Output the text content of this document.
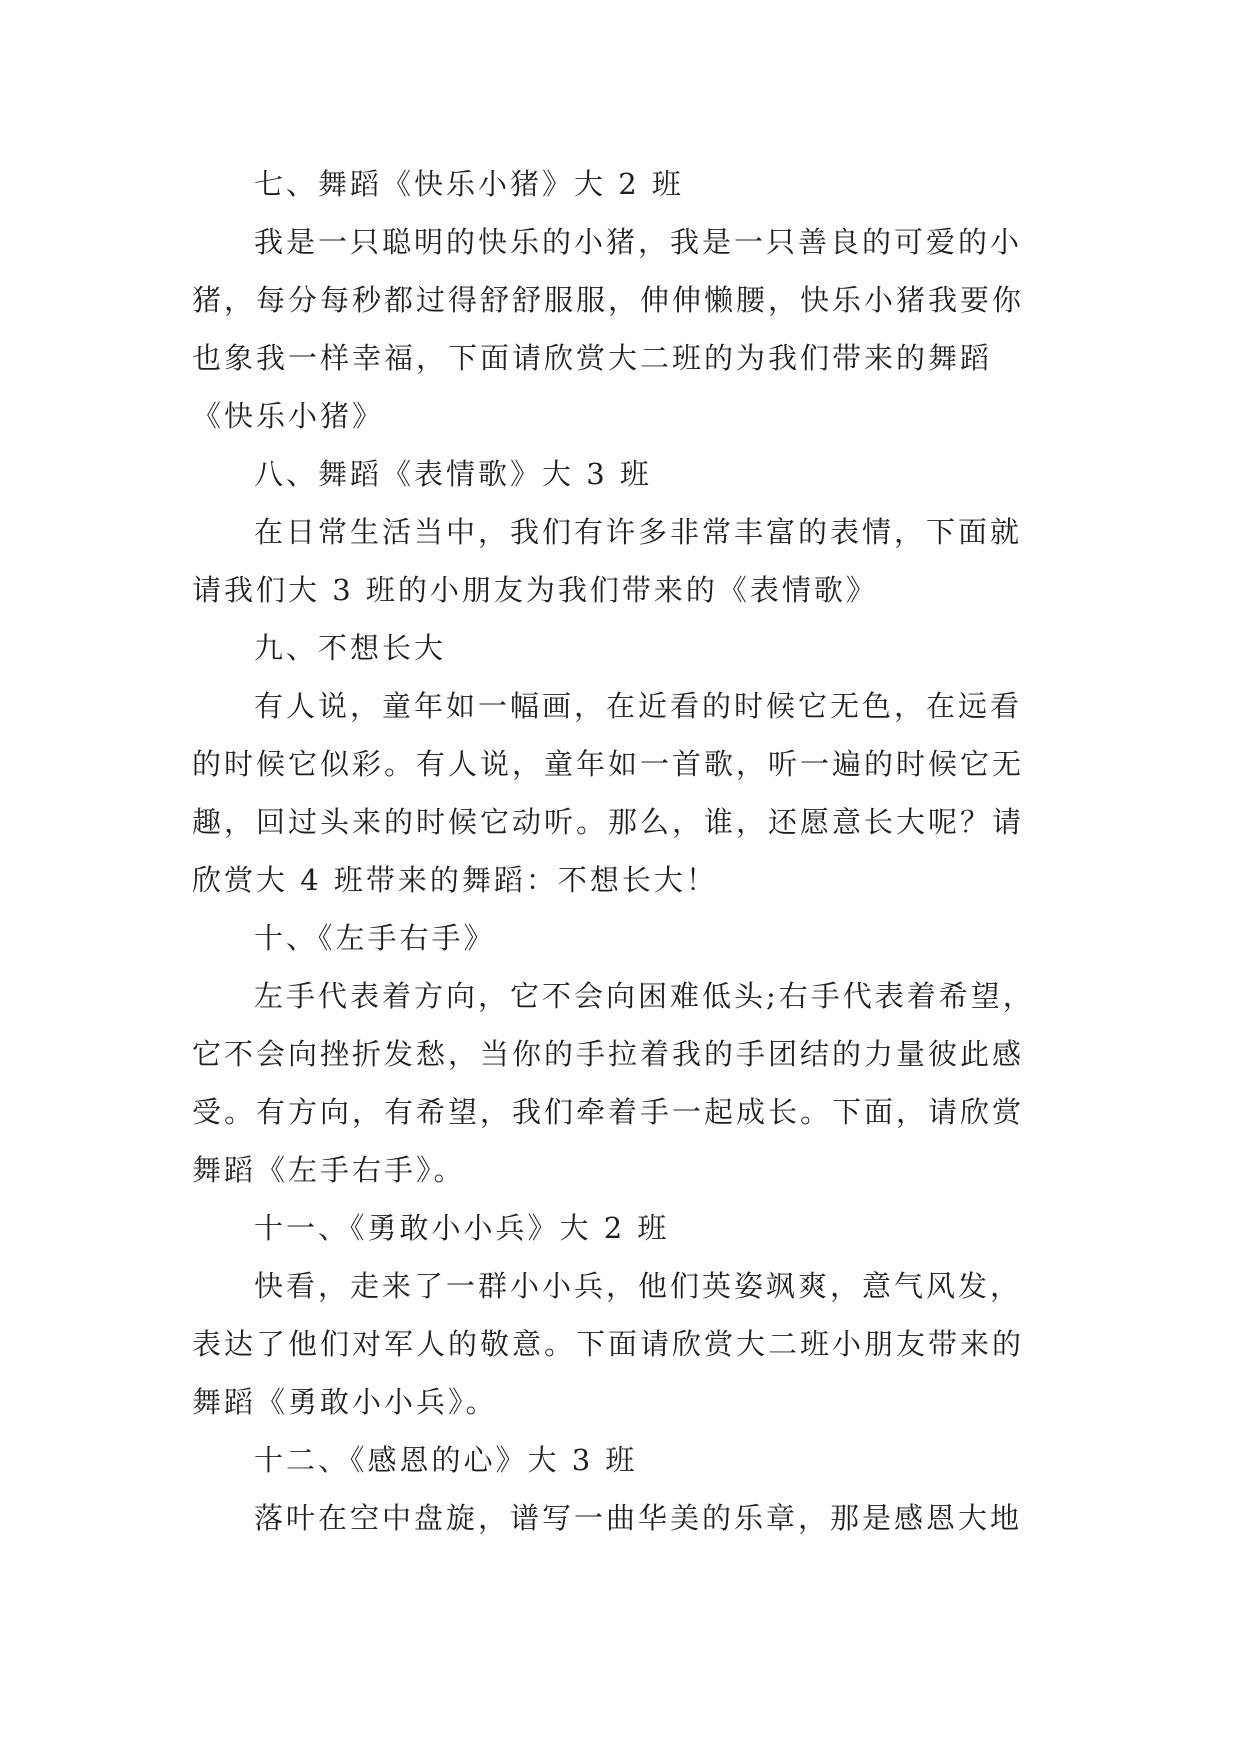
七、舞蹈《快乐小猪》大 2 班
我是一只聪明的快乐的小猪，我是一只善良的可爱的小
猪，每分每秒都过得舒舒服服，伸伸懒腰，快乐小猪我要你
也象我一样幸福，下面请欣赏大二班的为我们带来的舞蹈
《快乐小猪》
八、舞蹈《表情歌》大 3 班
在日常生活当中，我们有许多非常丰富的表情，下面就
请我们大 3 班的小朋友为我们带来的《表情歌》
九、不想长大
有人说，童年如一幅画，在近看的时候它无色，在远看
的时候它似彩。有人说，童年如一首歌，听一遍的时候它无
趣，回过头来的时候它动听。那么，谁，还愿意长大呢？请
欣赏大 4 班带来的舞蹈：不想长大！
十、《左手右手》
左手代表着方向，它不会向困难低头;右手代表着希望，
它不会向挫折发愁，当你的手拉着我的手团结的力量彼此感
受。有方向，有希望，我们牵着手一起成长。下面，请欣赏
舞蹈《左手右手》。
十一、《勇敢小小兵》大 2 班
快看，走来了一群小小兵，他们英姿飒爽，意气风发，
表达了他们对军人的敬意。下面请欣赏大二班小朋友带来的
舞蹈《勇敢小小兵》。
十二、《感恩的心》大 3 班
落叶在空中盘旋，谱写一曲华美的乐章，那是感恩大地
